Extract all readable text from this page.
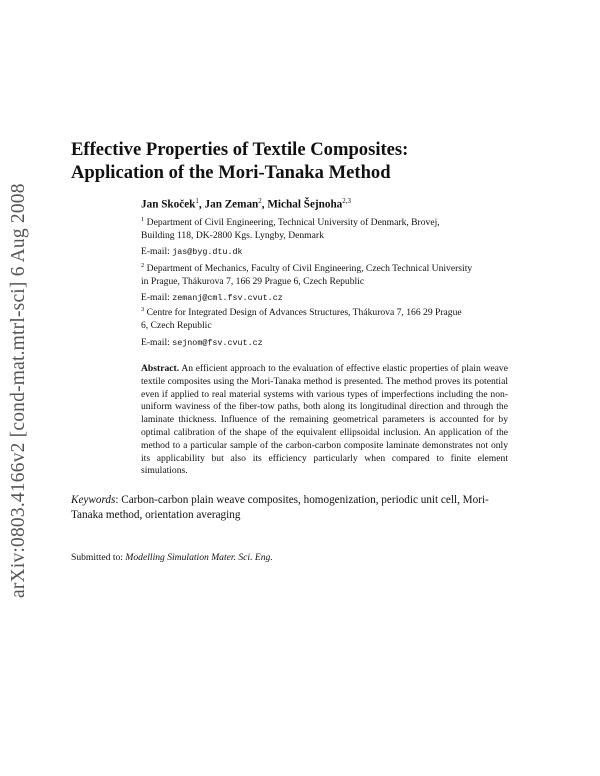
arXiv:0803.4166v2 [cond-mat.mtrl-sci] 6 Aug 2008
Effective Properties of Textile Composites:
Application of the Mori-Tanaka Method
Jan Skoček$^1$, Jan Zeman$^2$, Michal Šejnoha$^{2,3}$
$^1$ Department of Civil Engineering, Technical University of Denmark, Brovej,
Building 118, DK-2800 Kgs. Lyngby, Denmark
E-mail: jas@byg.dtu.dk
$^2$ Department of Mechanics, Faculty of Civil Engineering, Czech Technical University
in Prague, Thákurova 7, 166 29 Prague 6, Czech Republic
E-mail: zemanj@cml.fsv.cvut.cz
$^3$ Centre for Integrated Design of Advances Structures, Thákurova 7, 166 29 Prague
6, Czech Republic
E-mail: sejnom@fsv.cvut.cz

Abstract. An efficient approach to the evaluation of effective elastic properties of plain weave textile composites using the Mori-Tanaka method is presented. The method proves its potential even if applied to real material systems with various types of imperfections including the non-uniform waviness of the fiber-tow paths, both along its longitudinal direction and through the laminate thickness. Influence of the remaining geometrical parameters is accounted for by optimal calibration of the shape of the equivalent ellipsoidal inclusion. An application of the method to a particular sample of the carbon-carbon composite laminate demonstrates not only its applicability but also its efficiency particularly when compared to finite element simulations.

Keywords: Carbon-carbon plain weave composites, homogenization, periodic unit cell, Mori-Tanaka method, orientation averaging

Submitted to: Modelling Simulation Mater. Sci. Eng.
